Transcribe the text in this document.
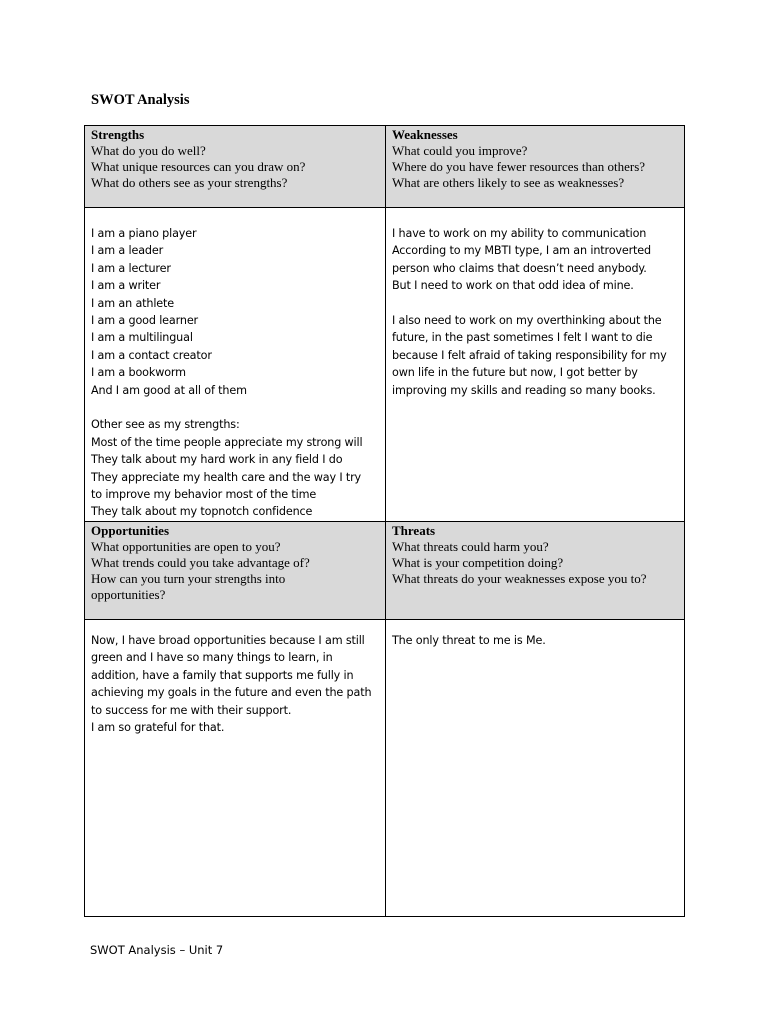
SWOT Analysis
Strengths
What do you do well?
What unique resources can you draw on?
What do others see as your strengths?
Weaknesses
What could you improve?
Where do you have fewer resources than others?
What are others likely to see as weaknesses?
I am a piano player
I am a leader
I am a lecturer
I am a writer
I am an athlete
I am a good learner
I am a multilingual
I am a contact creator
I am a bookworm
And I am good at all of them
Other see as my strengths:
Most of the time people appreciate my strong will
They talk about my hard work in any field I do
They appreciate my health care and the way I try
to improve my behavior most of the time
They talk about my topnotch confidence
I have to work on my ability to communication
According to my MBTI type, I am an introverted
person who claims that doesn’t need anybody.
But I need to work on that odd idea of mine.
I also need to work on my overthinking about the
future, in the past sometimes I felt I want to die
because I felt afraid of taking responsibility for my
own life in the future but now, I got better by
improving my skills and reading so many books.
Opportunities
What opportunities are open to you?
What trends could you take advantage of?
How can you turn your strengths into
opportunities?
Threats
What threats could harm you?
What is your competition doing?
What threats do your weaknesses expose you to?
Now, I have broad opportunities because I am still
green and I have so many things to learn, in
addition, have a family that supports me fully in
achieving my goals in the future and even the path
to success for me with their support.
I am so grateful for that.
The only threat to me is Me.
SWOT Analysis – Unit 7
